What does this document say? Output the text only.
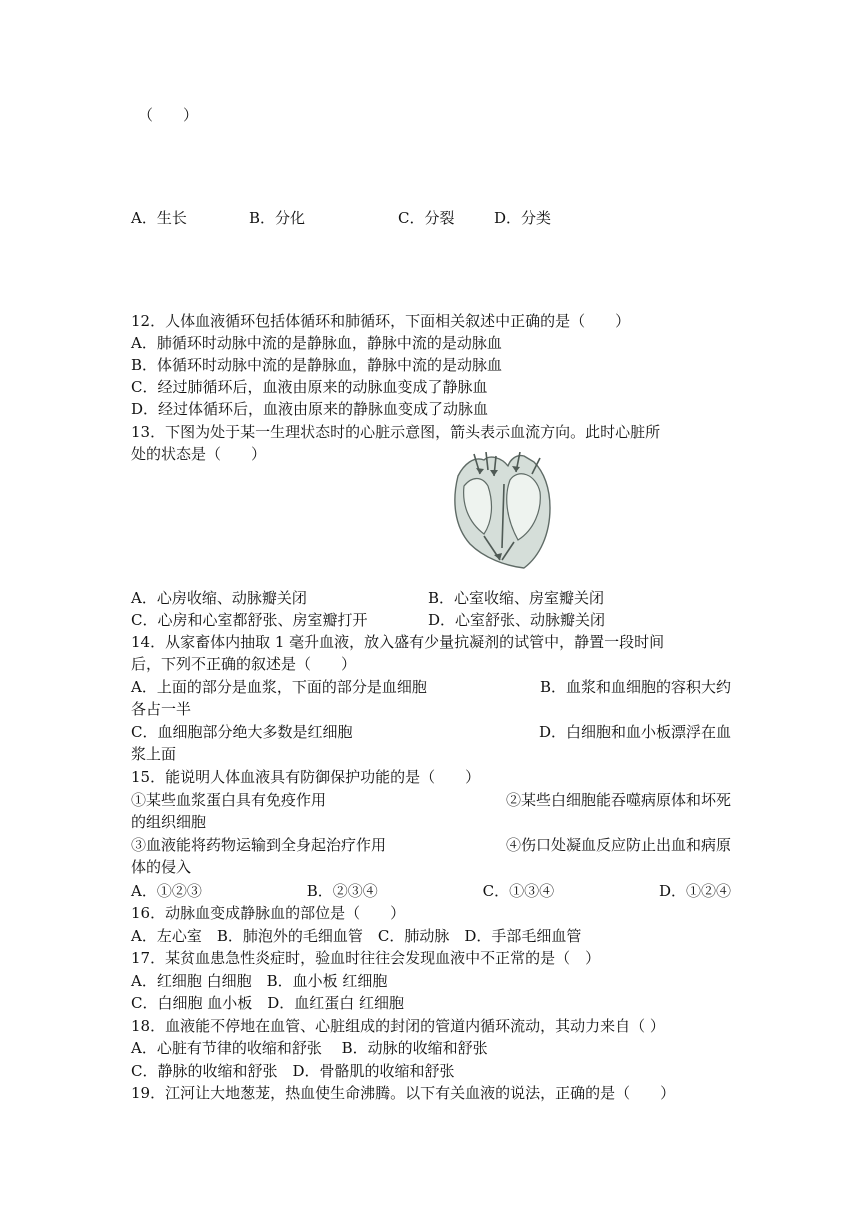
（　　）
A．生长	B．分化	C．分裂	D．分类
12．人体血液循环包括体循环和肺循环，下面相关叙述中正确的是（　　）
A．肺循环时动脉中流的是静脉血，静脉中流的是动脉血
B．体循环时动脉中流的是静脉血，静脉中流的是动脉血
C．经过肺循环后，血液由原来的动脉血变成了静脉血
D．经过体循环后，血液由原来的静脉血变成了动脉血
13．下图为处于某一生理状态时的心脏示意图，箭头表示血流方向。此时心脏所
处的状态是（　　）
A．心房收缩、动脉瓣关闭	B．心室收缩、房室瓣关闭
C．心房和心室都舒张、房室瓣打开	D．心室舒张、动脉瓣关闭
14．从家畜体内抽取 1 毫升血液，放入盛有少量抗凝剂的试管中，静置一段时间
后，下列不正确的叙述是（　　）
A．上面的部分是血浆，下面的部分是血细胞	B．血浆和血细胞的容积大约
各占一半
C．血细胞部分绝大多数是红细胞	D．白细胞和血小板漂浮在血
浆上面
15．能说明人体血液具有防御保护功能的是（　　）
①某些血浆蛋白具有免疫作用	②某些白细胞能吞噬病原体和坏死
的组织细胞
③血液能将药物运输到全身起治疗作用	④伤口处凝血反应防止出血和病原
体的侵入
A．①②③	B．②③④	C．①③④	D．①②④
16．动脉血变成静脉血的部位是（　　）
A．左心室　B．肺泡外的毛细血管　C．肺动脉　D．手部毛细血管
17．某贫血患急性炎症时，验血时往往会发现血液中不正常的是（　）
A．红细胞 白细胞　B．血小板 红细胞
C．白细胞 血小板　D．血红蛋白 红细胞
18．血液能不停地在血管、心脏组成的封闭的管道内循环流动，其动力来自（ ）
A．心脏有节律的收缩和舒张　 B．动脉的收缩和舒张
C．静脉的收缩和舒张　D．骨骼肌的收缩和舒张
19．江河让大地葱茏，热血使生命沸腾。以下有关血液的说法，正确的是（　　）
